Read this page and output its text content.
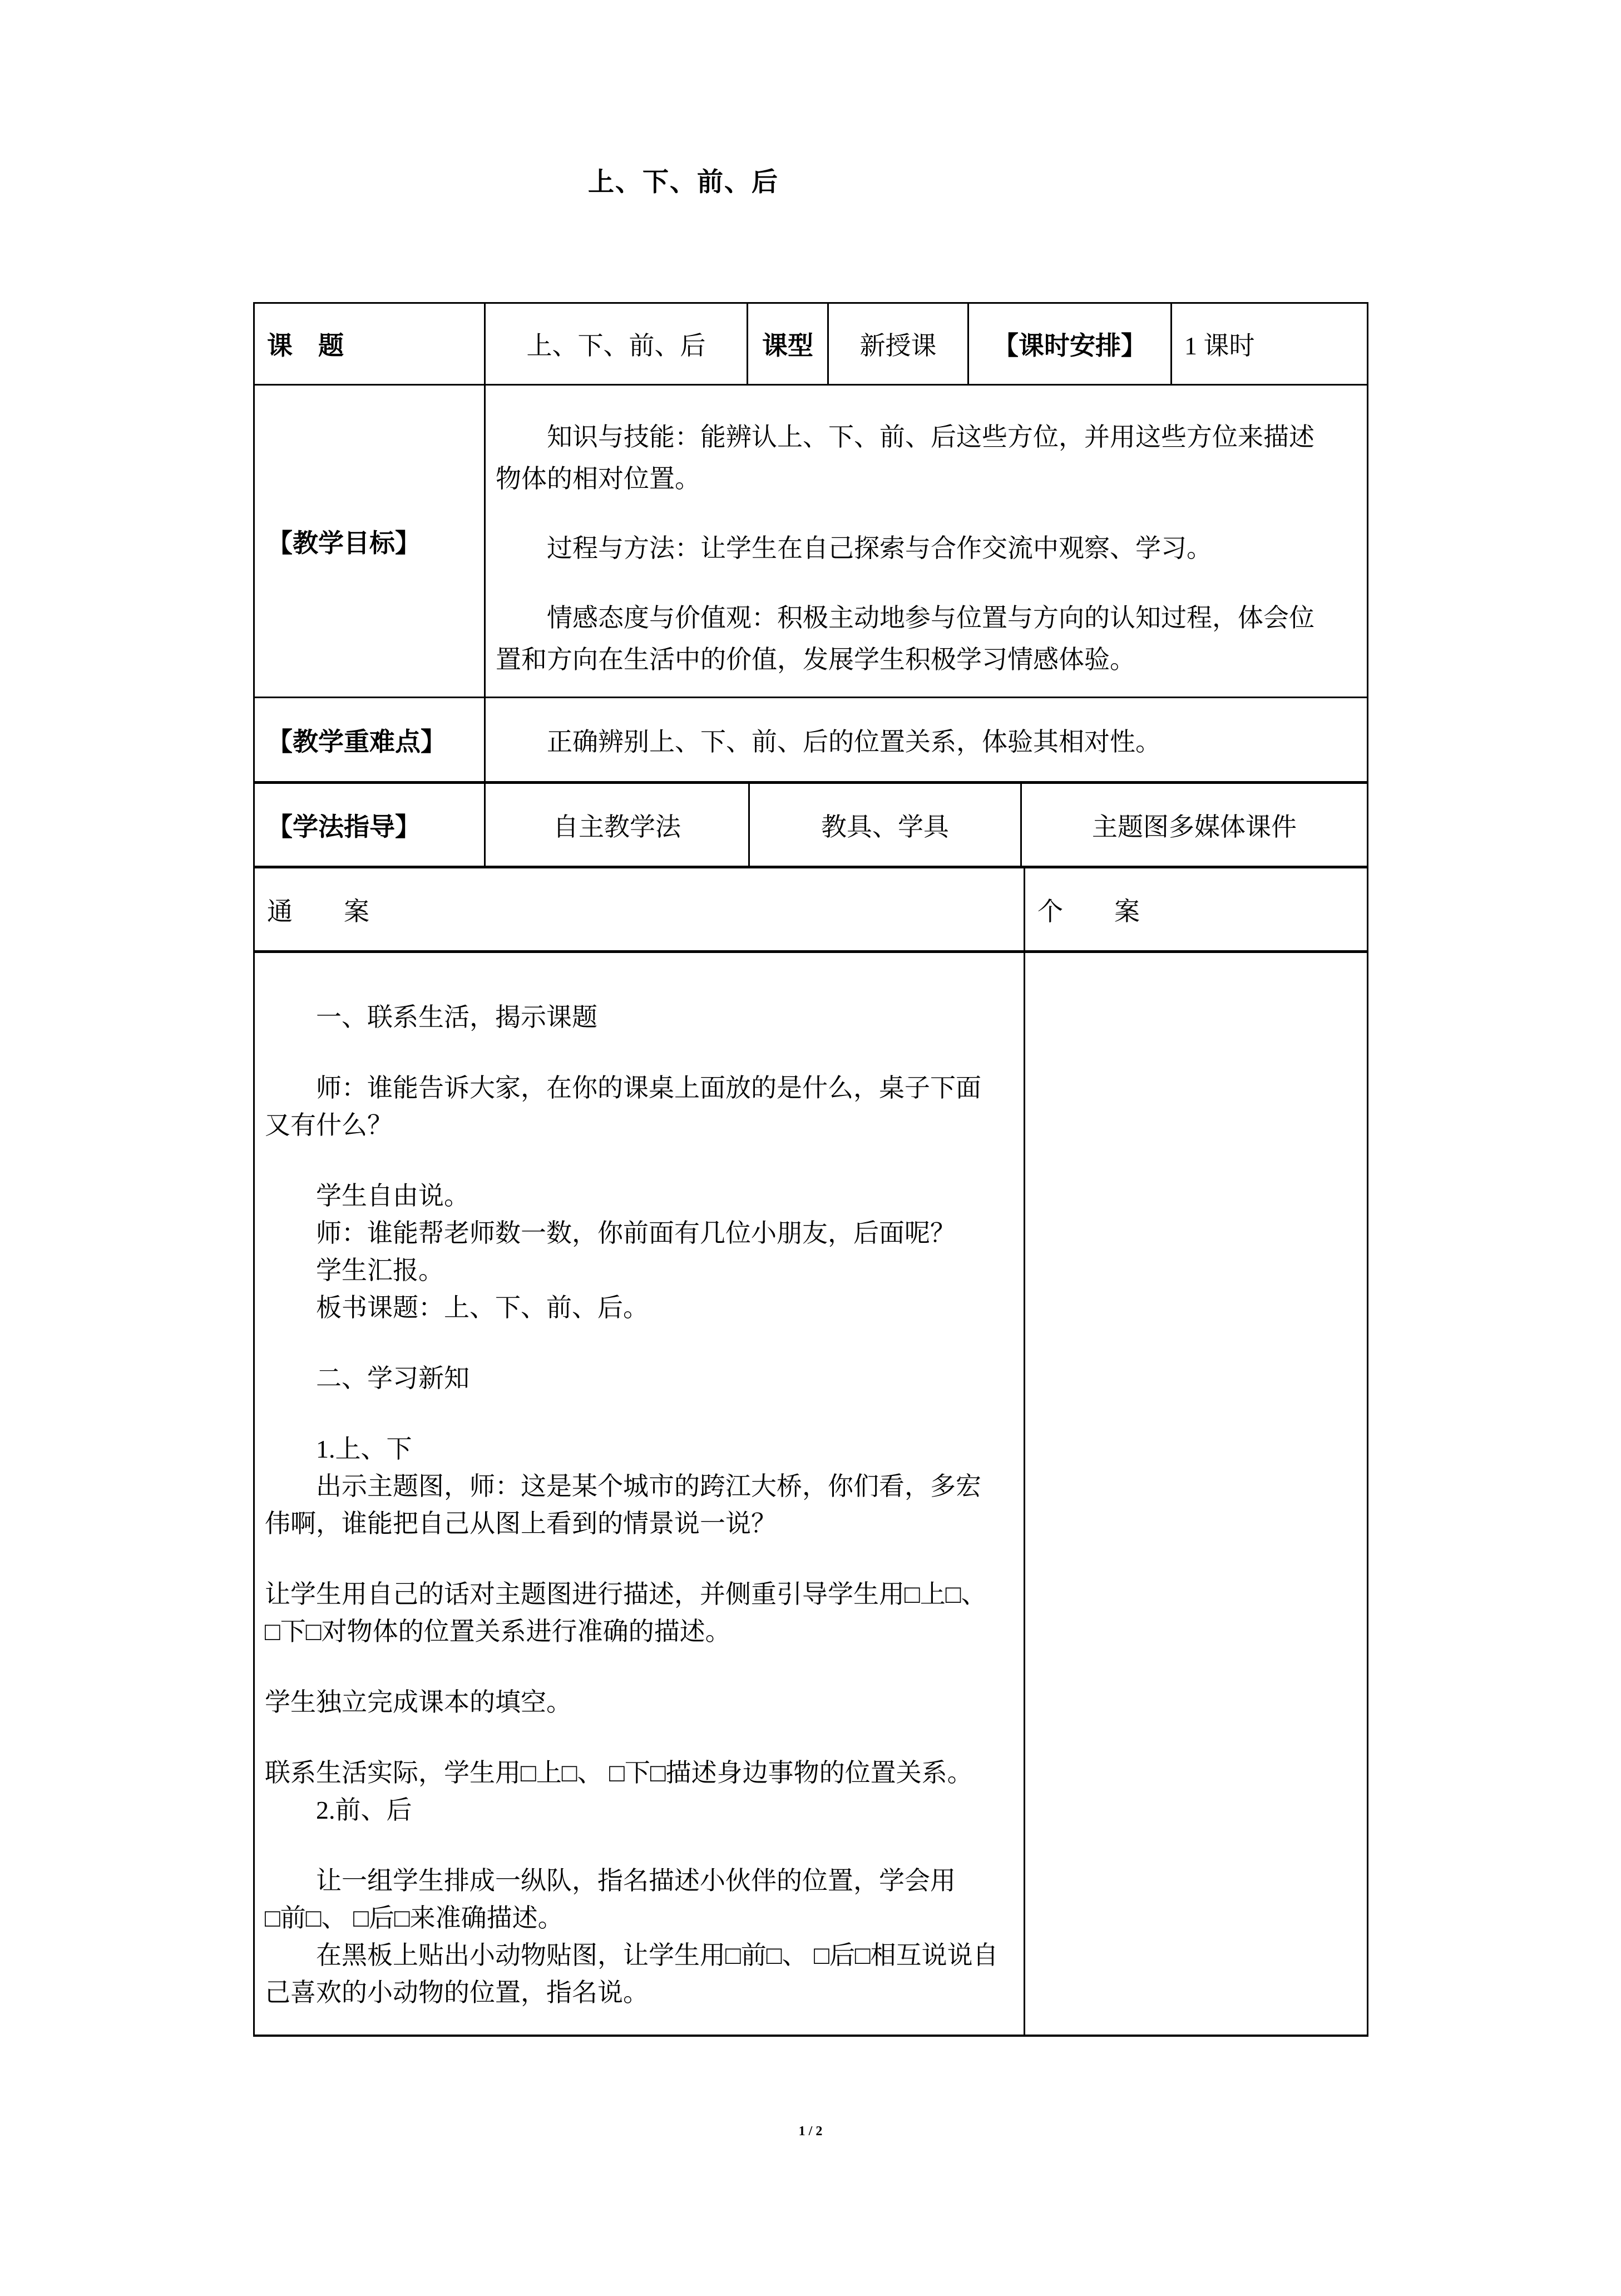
上、下、前、后
课　题	上、下、前、后	课型	新授课	【课时安排】	1 课时
【教学目标】
知识与技能：能辨认上、下、前、后这些方位，并用这些方位来描述
物体的相对位置。
过程与方法：让学生在自己探索与合作交流中观察、学习。
情感态度与价值观：积极主动地参与位置与方向的认知过程，体会位
置和方向在生活中的价值，发展学生积极学习情感体验。
【教学重难点】	正确辨别上、下、前、后的位置关系，体验其相对性。
【学法指导】	自主教学法	教具、学具	主题图多媒体课件
通　　案	个　　案
一、联系生活，揭示课题
师：谁能告诉大家，在你的课桌上面放的是什么，桌子下面
又有什么？
学生自由说。
师：谁能帮老师数一数，你前面有几位小朋友，后面呢？
学生汇报。
板书课题：上、下、前、后。
二、学习新知
1.上、下
出示主题图，师：这是某个城市的跨江大桥，你们看，多宏
伟啊，谁能把自己从图上看到的情景说一说？
让学生用自己的话对主题图进行描述，并侧重引导学生用□上□、
□下□对物体的位置关系进行准确的描述。
学生独立完成课本的填空。
联系生活实际，学生用□上□、 □下□描述身边事物的位置关系。
2.前、后
让一组学生排成一纵队，指名描述小伙伴的位置，学会用
□前□、 □后□来准确描述。
在黑板上贴出小动物贴图，让学生用□前□、 □后□相互说说自
己喜欢的小动物的位置，指名说。
1 / 2
